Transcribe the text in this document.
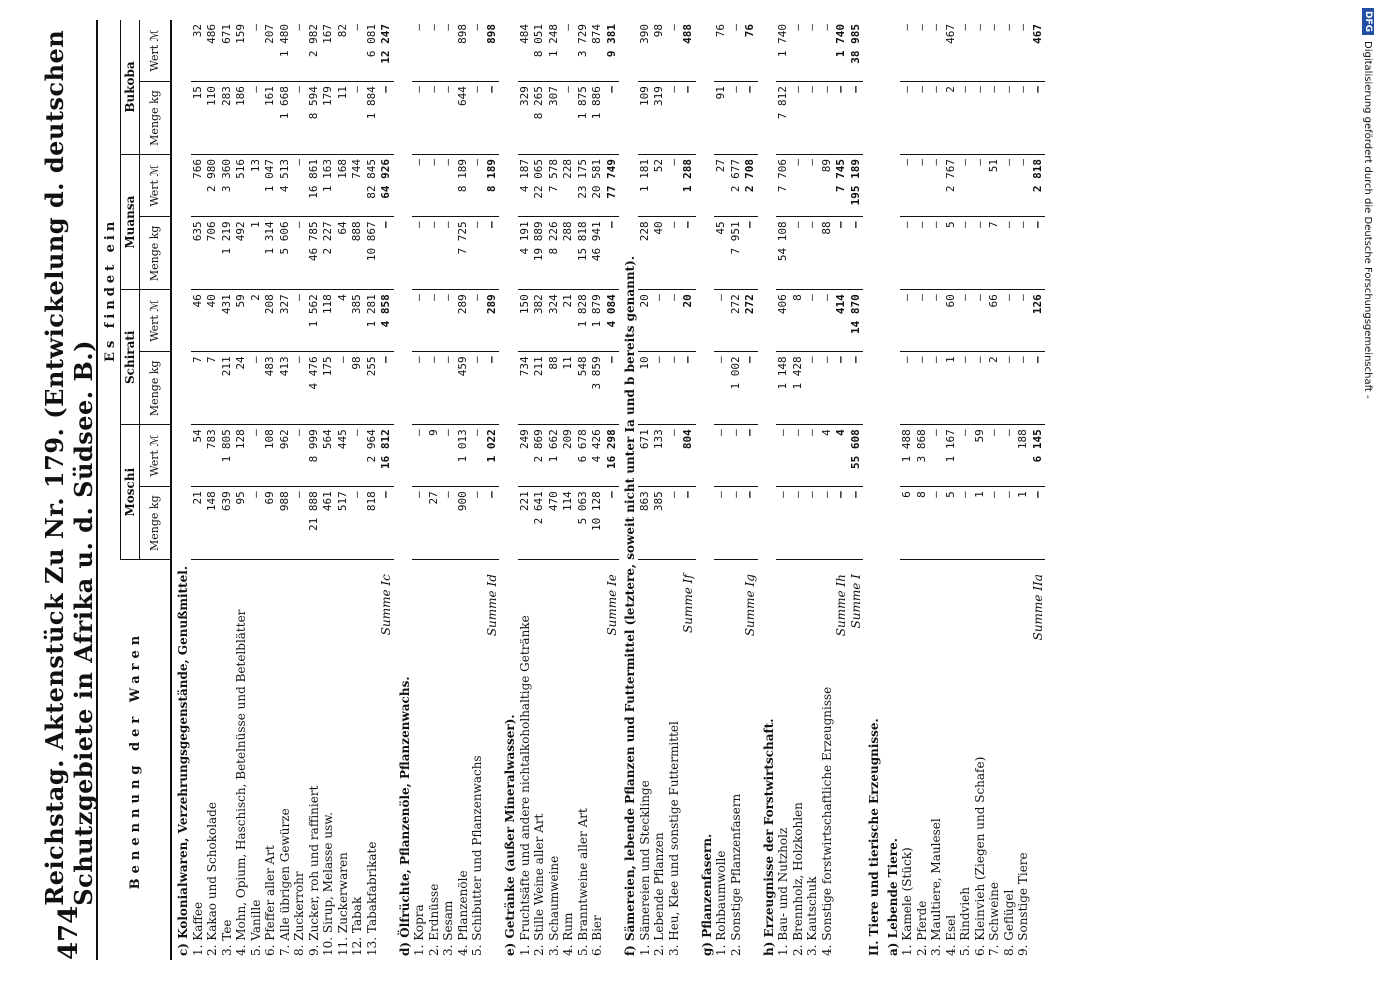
474
Reichstag. Aktenstück Zu Nr. 179. (Entwickelung d. deutschen Schutzgebiete in Afrika u. d. Südsee. B.) Benennung der Waren	Es findet ein							
	Moschi		Schirati		Muansa		Bukoba	
	Menge kg	Wert ℳ	Menge kg	Wert ℳ	Menge kg	Wert ℳ	Menge kg	Wert ℳ
c) Kolonialwaren, Verzehrungsgegenstände, Genußmittel.								
1. Kaffee	21	54	7	46	635	766	15	32
2. Kakao und Schokolade	148	783	7	40	706	2 980	110	486
3. Tee	639	1 805	211	431	1 219	3 360	283	671
4. Mohn, Opium, Haschisch, Betelnüsse und Betelblätter	95	128	24	59	492	516	186	159
5. Vanille	—	—	—	2	1	13	—	—
6. Pfeffer aller Art	69	108	483	208	1 314	1 047	161	207
7. Alle übrigen Gewürze	988	962	413	327	5 606	4 513	1 668	1 480
8. Zuckerrohr	—	—	—	—	—	—	—	—
9. Zucker, roh und raffiniert	21 888	8 999	4 476	1 562	46 785	16 861	8 594	2 982
10. Sirup, Melasse usw.	461	564	175	118	2 227	1 163	179	167
11. Zuckerwaren	517	445	—	4	64	168	11	82
12. Tabak	—	—	98	385	888	744	—	—
13. Tabakfabrikate	818	2 964	255	1 281	10 867	82 845	1 884	6 081
Summe Ic	—	16 812	—	4 858	—	64 926	—	12 247
d) Ölfrüchte, Pflanzenöle, Pflanzenwachs.								
1. Kopra	—	—	—	—	—	—	—	—
2. Erdnüsse	27	9	—	—	—	—	—	—
3. Sesam	—	—	—	—	—	—	—	—
4. Pflanzenöle	900	1 013	459	289	7 725	8 189	644	898
5. Schibutter und Pflanzenwachs	—	—	—	—	—	—	—	—
Summe Id	—	1 022	—	289	—	8 189	—	898
e) Getränke (außer Mineralwasser).								
1. Fruchtsäfte und andere nichtalkoholhaltige Getränke	221	249	734	150	4 191	4 187	329	484
2. Stille Weine aller Art	2 641	2 869	211	382	19 889	22 065	8 265	8 051
3. Schaumweine	470	1 662	88	324	8 226	7 578	307	1 248
4. Rum	114	209	11	21	288	228	—	—
5. Branntweine aller Art	5 063	6 678	548	1 828	15 818	23 175	1 875	3 729
6. Bier	10 128	4 426	3 859	1 879	46 941	20 581	1 886	874
Summe Ie	—	16 298	—	4 084	—	77 749	—	9 381
f) Sämereien, lebende Pflanzen und Futtermittel (letztere, soweit nicht unter Ia und b bereits genannt).								
1. Sämereien und Stecklinge	863	671	10	20	228	1 181	109	390
2. Lebende Pflanzen	385	133	—	—	40	52	319	98
3. Heu, Klee und sonstige Futtermittel	—	—	—	—	—	—	—	—
Summe If	—	804	—	20	—	1 288	—	488
g) Pflanzenfasern.								
1. Rohbaumwolle	—	—	—	—	45	27	91	76
2. Sonstige Pflanzenfasern	—	—	1 002	272	7 951	2 677	—	—
Summe Ig	—	—	—	272	—	2 708	—	76
h) Erzeugnisse der Forstwirtschaft.								
1. Bau- und Nutzholz	—	—	1 148	406	54 108	7 706	7 812	1 740
2. Brennholz, Holzkohlen	—	—	1 428	8	—	—	—	—
3. Kautschuk	—	—	—	—	—	—	—	—
4. Sonstige forstwirtschaftliche Erzeugnisse	—	4	—	—	88	89	—	—
Summe Ih	—	4	—	414	—	7 745	—	1 740
Summe I	—	55 608	—	14 870	—	195 189	—	38 985
II. Tiere und tierische Erzeugnisse.								
a) Lebende Tiere.								
1. Kamele (Stück)	6	1 488	—	—	—	—	—	—
2. Pferde	8	3 868	—	—	—	—	—	—
3. Maultiere, Maulesel	—	—	—	—	—	—	—	—
4. Esel	5	1 167	1	60	5	2 767	2	467
5. Rindvieh	—	—	—	—	—	—	—	—
6. Kleinvieh (Ziegen und Schafe)	1	59	—	—	—	—	—	—
7. Schweine	—	—	2	66	7	51	—	—
8. Geflügel	—	—	—	—	—	—	—	—
9. Sonstige Tiere	1	188	—	—	—	—	—	—
Summe IIa	—	6 145	—	126	—	2 818	—	467
DFG
Digitalisierung gefördert durch die Deutsche Forschungsgemeinschaft -
